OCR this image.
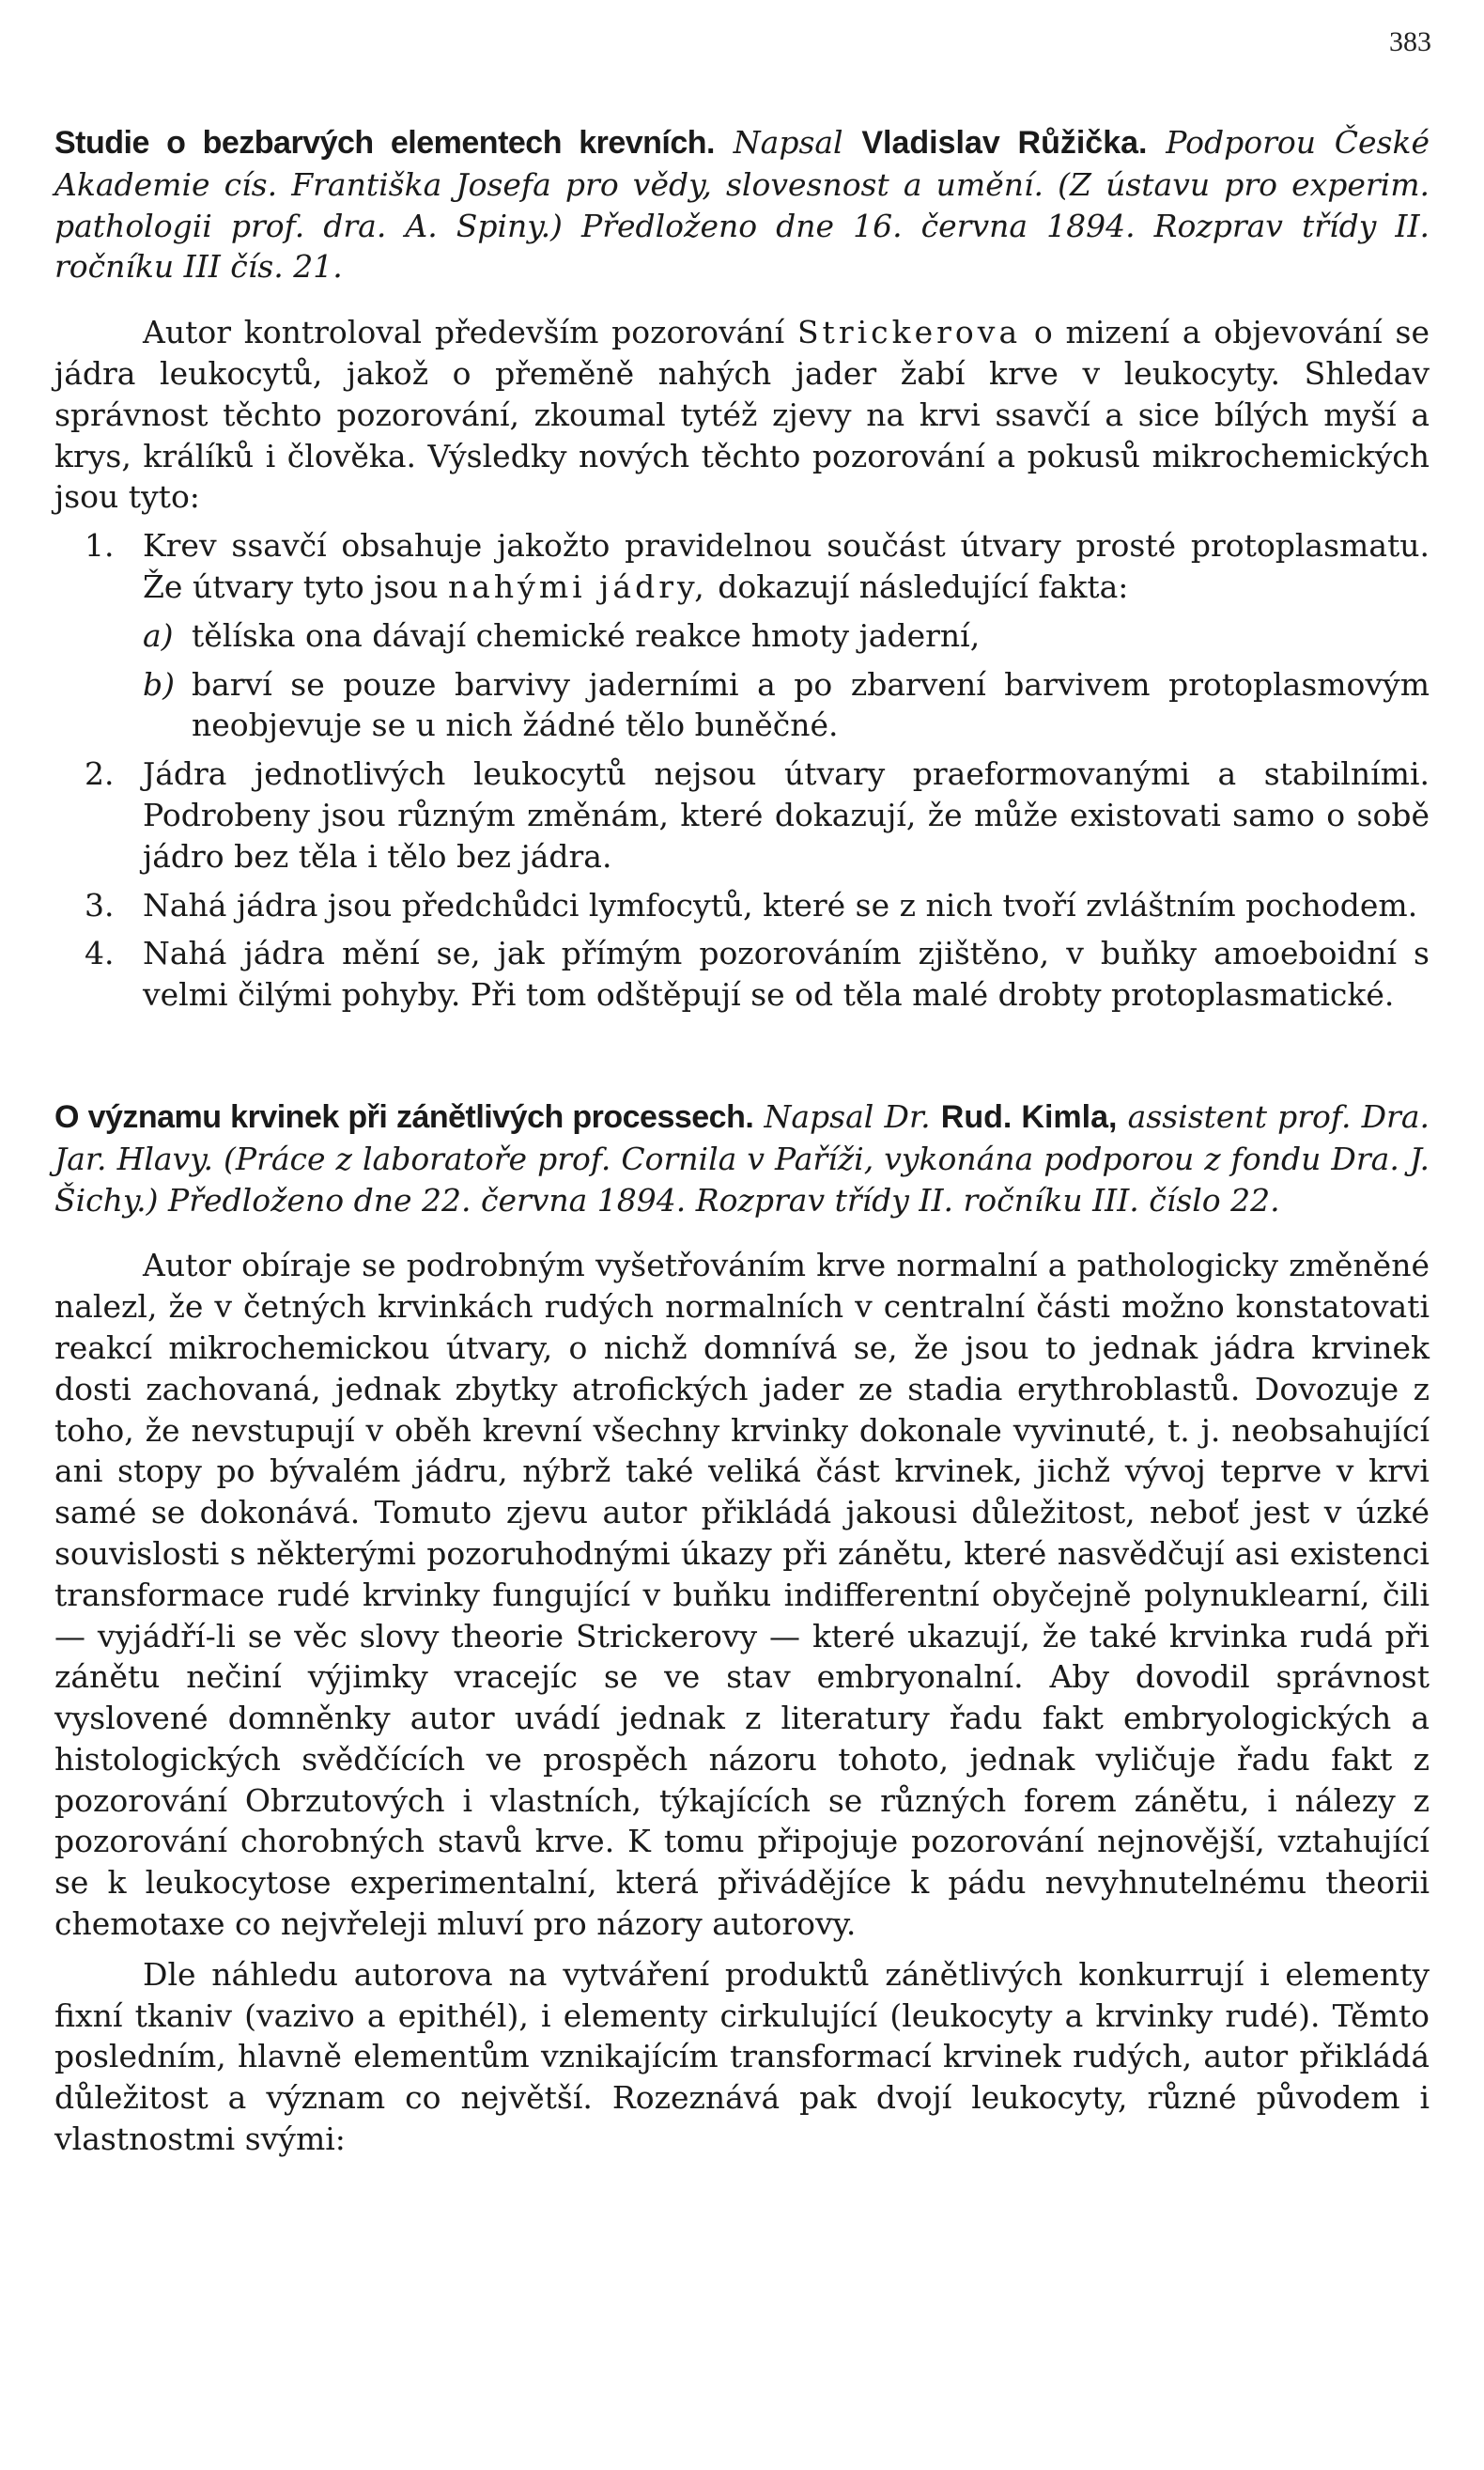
383

Studie o bezbarvých elementech krevních. Napsal Vladislav Růžička. Podporou České Akademie cís. Františka Josefa pro vědy, slovesnost a umění. (Z ústavu pro experim. pathologii prof. dra. A. Spiny.) Předloženo dne 16. června 1894. Rozprav třídy II. ročníku III čís. 21.

Autor kontroloval především pozorování Strickerova o mizení a objevování se jádra leukocytů, jakož o přeměně nahých jader žabí krve v leukocyty. Shledav správnost těchto pozorování, zkoumal tytéž zjevy na krvi ssavčí a sice bílých myší a krys, králíků i člověka. Výsledky nových těchto pozorování a pokusů mikrochemických jsou tyto:

1. Krev ssavčí obsahuje jakožto pravidelnou součást útvary prosté protoplasmatu. Že útvary tyto jsou nahými jádry, dokazují následující fakta:
a) tělíska ona dávají chemické reakce hmoty jaderní,
b) barví se pouze barvivy jaderními a po zbarvení barvivem protoplasmovým neobjevuje se u nich žádné tělo buněčné.
2. Jádra jednotlivých leukocytů nejsou útvary praeformovanými a stabilními. Podrobeny jsou různým změnám, které dokazují, že může existovati samo o sobě jádro bez těla i tělo bez jádra.
3. Nahá jádra jsou předchůdci lymfocytů, které se z nich tvoří zvláštním pochodem.
4. Nahá jádra mění se, jak přímým pozorováním zjištěno, v buňky amoeboidní s velmi čilými pohyby. Při tom odštěpují se od těla malé drobty protoplasmatické.

O významu krvinek při zánětlivých processech. Napsal Dr. Rud. Kimla, assistent prof. Dra. Jar. Hlavy. (Práce z laboratoře prof. Cornila v Paříži, vykonána podporou z fondu Dra. J. Šichy.) Předloženo dne 22. června 1894. Rozprav třídy II. ročníku III. číslo 22.

Autor obíraje se podrobným vyšetřováním krve normalní a pathologicky změněné nalezl, že v četných krvinkách rudých normalních v centralní části možno konstatovati reakcí mikrochemickou útvary, o nichž domnívá se, že jsou to jednak jádra krvinek dosti zachovaná, jednak zbytky atrofických jader ze stadia erythroblastů. Dovozuje z toho, že nevstupují v oběh krevní všechny krvinky dokonale vyvinuté, t. j. neobsahující ani stopy po bývalém jádru, nýbrž také veliká část krvinek, jichž vývoj teprve v krvi samé se dokonává. Tomuto zjevu autor přikládá jakousi důležitost, neboť jest v úzké souvislosti s některými pozoruhodnými úkazy při zánětu, které nasvědčují asi existenci transformace rudé krvinky fungující v buňku indifferentní obyčejně polynuklearní, čili — vyjádří-li se věc slovy theorie Strickerovy — které ukazují, že také krvinka rudá při zánětu nečiní výjimky vracejíc se ve stav embryonalní. Aby dovodil správnost vyslovené domněnky autor uvádí jednak z literatury řadu fakt embryologických a histologických svědčících ve prospěch názoru tohoto, jednak vyličuje řadu fakt z pozorování Obrzutových i vlastních, týkajících se různých forem zánětu, i nálezy z pozorování chorobných stavů krve. K tomu připojuje pozorování nejnovější, vztahující se k leukocytose experimentalní, která přivádějíce k pádu nevyhnutelnému theorii chemotaxe co nejvřeleji mluví pro názory autorovy.

Dle náhledu autorova na vytváření produktů zánětlivých konkurrují i elementy fixní tkaniv (vazivo a epithél), i elementy cirkulující (leukocyty a krvinky rudé). Těmto posledním, hlavně elementům vznikajícím transformací krvinek rudých, autor přikládá důležitost a význam co největší. Rozeznává pak dvojí leukocyty, různé původem i vlastnostmi svými:
